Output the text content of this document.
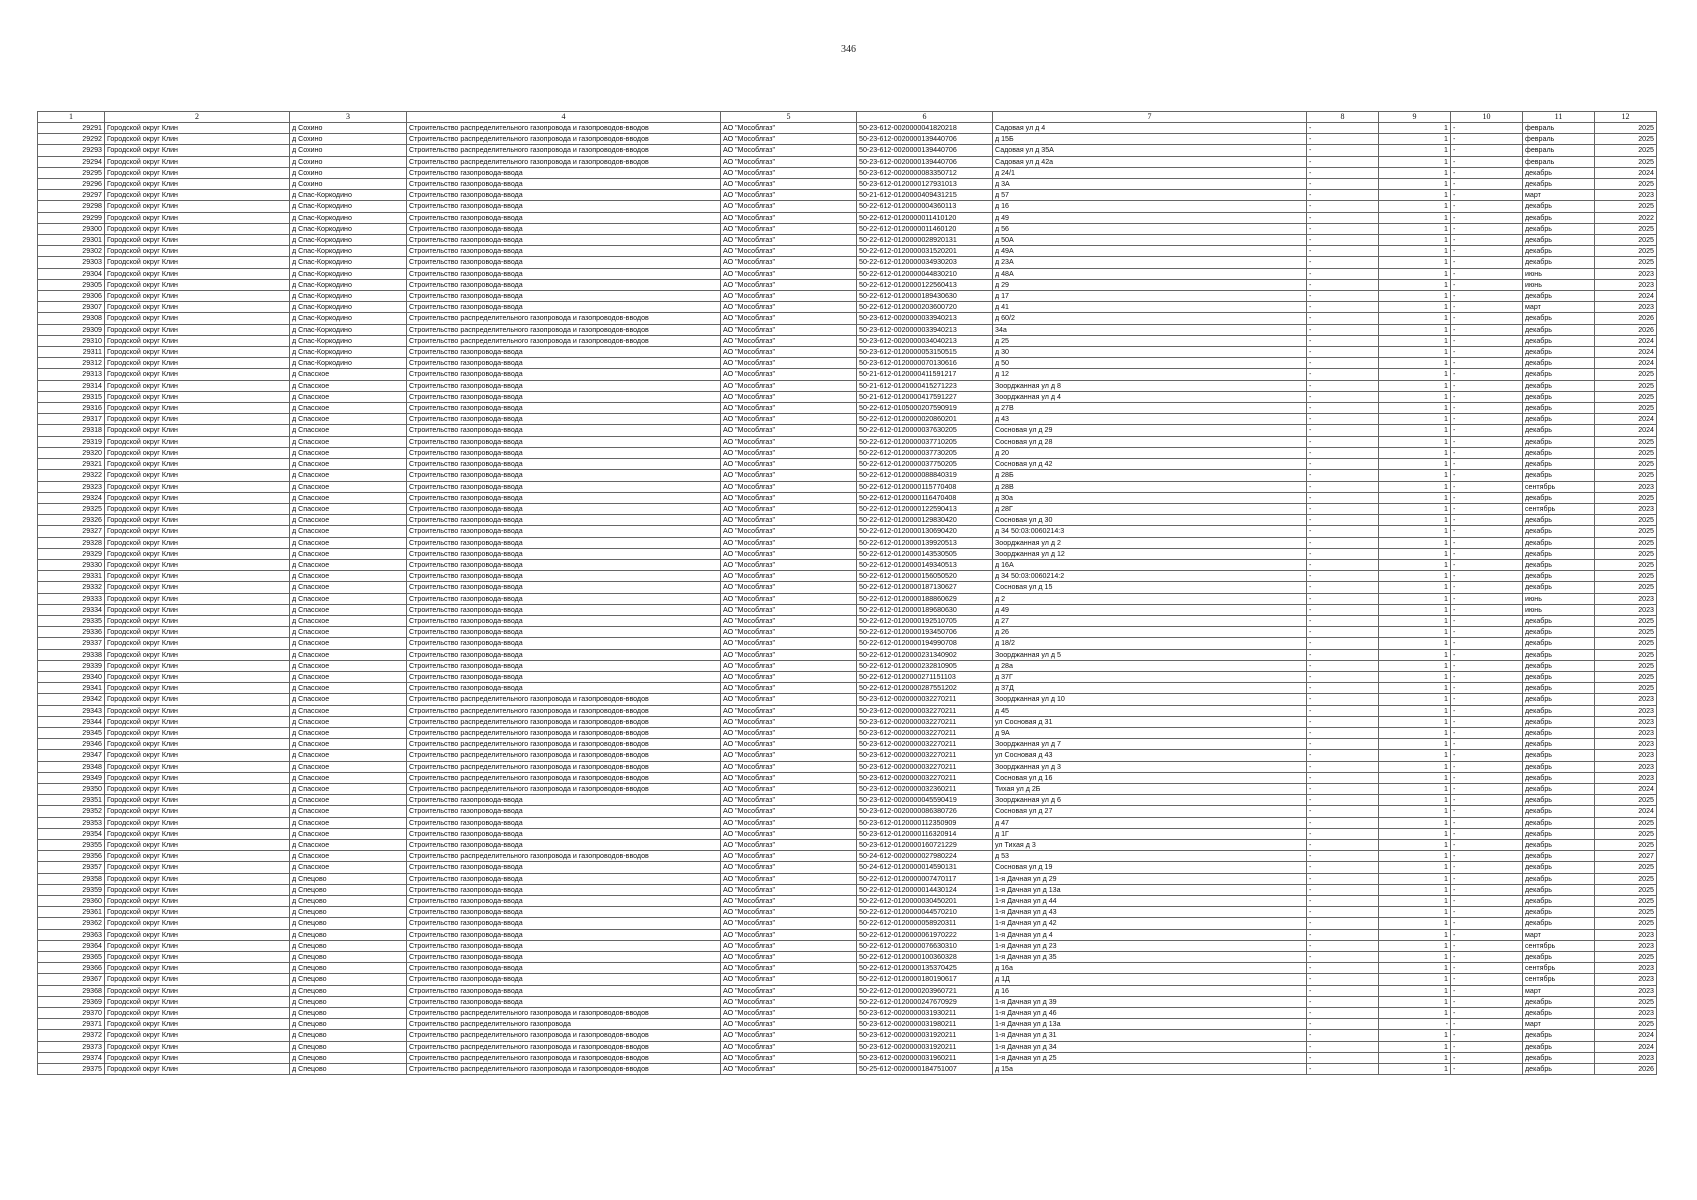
346
1	2	3	4	5	6	7	8	9	10	11	12
29291	Городской округ Клин	д Сохино	Строительство распределительного газопровода и газопроводов-вводов	АО "Мособлгаз"	50-23-612-0020000041820218	Садовая ул д 4	-	1	-	февраль	2025
29292	Городской округ Клин	д Сохино	Строительство распределительного газопровода и газопроводов-вводов	АО "Мособлгаз"	50-23-612-0020000139440706	д 15Б	-	1	-	февраль	2025
29293	Городской округ Клин	д Сохино	Строительство распределительного газопровода и газопроводов-вводов	АО "Мособлгаз"	50-23-612-0020000139440706	Садовая ул д 35А	-	1	-	февраль	2025
29294	Городской округ Клин	д Сохино	Строительство распределительного газопровода и газопроводов-вводов	АО "Мособлгаз"	50-23-612-0020000139440706	Садовая ул д 42а	-	1	-	февраль	2025
29295	Городской округ Клин	д Сохино	Строительство газопровода-ввода	АО "Мособлгаз"	50-23-612-0020000083350712	д 24/1	-	1	-	декабрь	2024
29296	Городской округ Клин	д Сохино	Строительство газопровода-ввода	АО "Мособлгаз"	50-23-612-0120000127931013	д 3А	-	1	-	декабрь	2025
29297	Городской округ Клин	д Спас-Коркодино	Строительство газопровода-ввода	АО "Мособлгаз"	50-21-612-0120000409431215	д 57	-	1	-	март	2023
29298	Городской округ Клин	д Спас-Коркодино	Строительство газопровода-ввода	АО "Мособлгаз"	50-22-612-0120000004360113	д 16	-	1	-	декабрь	2025
29299	Городской округ Клин	д Спас-Коркодино	Строительство газопровода-ввода	АО "Мособлгаз"	50-22-612-0120000011410120	д 49	-	1	-	декабрь	2022
29300	Городской округ Клин	д Спас-Коркодино	Строительство газопровода-ввода	АО "Мособлгаз"	50-22-612-0120000011460120	д 56	-	1	-	декабрь	2025
29301	Городской округ Клин	д Спас-Коркодино	Строительство газопровода-ввода	АО "Мособлгаз"	50-22-612-0120000028920131	д 50А	-	1	-	декабрь	2025
29302	Городской округ Клин	д Спас-Коркодино	Строительство газопровода-ввода	АО "Мособлгаз"	50-22-612-0120000031520201	д 49А	-	1	-	декабрь	2025
29303	Городской округ Клин	д Спас-Коркодино	Строительство газопровода-ввода	АО "Мособлгаз"	50-22-612-0120000034930203	д 23А	-	1	-	декабрь	2025
29304	Городской округ Клин	д Спас-Коркодино	Строительство газопровода-ввода	АО "Мособлгаз"	50-22-612-0120000044830210	д 48А	-	1	-	июнь	2023
29305	Городской округ Клин	д Спас-Коркодино	Строительство газопровода-ввода	АО "Мособлгаз"	50-22-612-0120000122560413	д 29	-	1	-	июнь	2023
29306	Городской округ Клин	д Спас-Коркодино	Строительство газопровода-ввода	АО "Мособлгаз"	50-22-612-0120000189430630	д 17	-	1	-	декабрь	2024
29307	Городской округ Клин	д Спас-Коркодино	Строительство газопровода-ввода	АО "Мособлгаз"	50-22-612-0120000203600720	д 41	-	1	-	март	2023
29308	Городской округ Клин	д Спас-Коркодино	Строительство распределительного газопровода и газопроводов-вводов	АО "Мособлгаз"	50-23-612-0020000033940213	д 60/2	-	1	-	декабрь	2026
29309	Городской округ Клин	д Спас-Коркодино	Строительство распределительного газопровода и газопроводов-вводов	АО "Мособлгаз"	50-23-612-0020000033940213	34а	-	1	-	декабрь	2026
29310	Городской округ Клин	д Спас-Коркодино	Строительство распределительного газопровода и газопроводов-вводов	АО "Мособлгаз"	50-23-612-0020000034040213	д 25	-	1	-	декабрь	2024
29311	Городской округ Клин	д Спас-Коркодино	Строительство газопровода-ввода	АО "Мособлгаз"	50-23-612-0120000053150515	д 30	-	1	-	декабрь	2024
29312	Городской округ Клин	д Спас-Коркодино	Строительство газопровода-ввода	АО "Мособлгаз"	50-23-612-0120000070130616	д 50	-	1	-	декабрь	2024
29313	Городской округ Клин	д Спасское	Строительство газопровода-ввода	АО "Мособлгаз"	50-21-612-0120000411591217	д 12	-	1	-	декабрь	2025
29314	Городской округ Клин	д Спасское	Строительство газопровода-ввода	АО "Мособлгаз"	50-21-612-0120000415271223	Зоорджанная ул д 8	-	1	-	декабрь	2025
29315	Городской округ Клин	д Спасское	Строительство газопровода-ввода	АО "Мособлгаз"	50-21-612-0120000417591227	Зоорджанная ул д 4	-	1	-	декабрь	2025
29316	Городской округ Клин	д Спасское	Строительство газопровода-ввода	АО "Мособлгаз"	50-22-612-0105000207590919	д 27В	-	1	-	декабрь	2025
29317	Городской округ Клин	д Спасское	Строительство газопровода-ввода	АО "Мособлгаз"	50-22-612-0120000020860201	д 43	-	1	-	декабрь	2024
29318	Городской округ Клин	д Спасское	Строительство газопровода-ввода	АО "Мособлгаз"	50-22-612-0120000037630205	Сосновая ул д 29	-	1	-	декабрь	2024
29319	Городской округ Клин	д Спасское	Строительство газопровода-ввода	АО "Мособлгаз"	50-22-612-0120000037710205	Сосновая ул д 28	-	1	-	декабрь	2025
29320	Городской округ Клин	д Спасское	Строительство газопровода-ввода	АО "Мособлгаз"	50-22-612-0120000037730205	д 20	-	1	-	декабрь	2025
29321	Городской округ Клин	д Спасское	Строительство газопровода-ввода	АО "Мособлгаз"	50-22-612-0120000037750205	Сосновая ул д 42	-	1	-	декабрь	2025
29322	Городской округ Клин	д Спасское	Строительство газопровода-ввода	АО "Мособлгаз"	50-22-612-0120000088840319	д 28Б	-	1	-	декабрь	2025
29323	Городской округ Клин	д Спасское	Строительство газопровода-ввода	АО "Мособлгаз"	50-22-612-0120000115770408	д 28В	-	1	-	сентябрь	2023
29324	Городской округ Клин	д Спасское	Строительство газопровода-ввода	АО "Мособлгаз"	50-22-612-0120000116470408	д 30а	-	1	-	декабрь	2025
29325	Городской округ Клин	д Спасское	Строительство газопровода-ввода	АО "Мособлгаз"	50-22-612-0120000122590413	д 28Г	-	1	-	сентябрь	2023
29326	Городской округ Клин	д Спасское	Строительство газопровода-ввода	АО "Мособлгаз"	50-22-612-0120000129830420	Сосновая ул д 30	-	1	-	декабрь	2025
29327	Городской округ Клин	д Спасское	Строительство газопровода-ввода	АО "Мособлгаз"	50-22-612-0120000130690420	д 34 50:03:0060214:3	-	1	-	декабрь	2025
29328	Городской округ Клин	д Спасское	Строительство газопровода-ввода	АО "Мособлгаз"	50-22-612-0120000139920513	Зоорджанная ул д 2	-	1	-	декабрь	2025
29329	Городской округ Клин	д Спасское	Строительство газопровода-ввода	АО "Мособлгаз"	50-22-612-0120000143530505	Зоорджанная ул д 12	-	1	-	декабрь	2025
29330	Городской округ Клин	д Спасское	Строительство газопровода-ввода	АО "Мособлгаз"	50-22-612-0120000149340513	д 16А	-	1	-	декабрь	2025
29331	Городской округ Клин	д Спасское	Строительство газопровода-ввода	АО "Мособлгаз"	50-22-612-0120000156050520	д 34 50:03:0060214:2	-	1	-	декабрь	2025
29332	Городской округ Клин	д Спасское	Строительство газопровода-ввода	АО "Мособлгаз"	50-22-612-0120000187130627	Сосновая ул д 15	-	1	-	декабрь	2025
29333	Городской округ Клин	д Спасское	Строительство газопровода-ввода	АО "Мособлгаз"	50-22-612-0120000188860629	д 2	-	1	-	июнь	2023
29334	Городской округ Клин	д Спасское	Строительство газопровода-ввода	АО "Мособлгаз"	50-22-612-0120000189680630	д 49	-	1	-	июнь	2023
29335	Городской округ Клин	д Спасское	Строительство газопровода-ввода	АО "Мособлгаз"	50-22-612-0120000192510705	д 27	-	1	-	декабрь	2025
29336	Городской округ Клин	д Спасское	Строительство газопровода-ввода	АО "Мособлгаз"	50-22-612-0120000193450706	д 26	-	1	-	декабрь	2025
29337	Городской округ Клин	д Спасское	Строительство газопровода-ввода	АО "Мособлгаз"	50-22-612-0120000194990708	д 18/2	-	1	-	декабрь	2025
29338	Городской округ Клин	д Спасское	Строительство газопровода-ввода	АО "Мособлгаз"	50-22-612-0120000231340902	Зоорджанная ул д 5	-	1	-	декабрь	2025
29339	Городской округ Клин	д Спасское	Строительство газопровода-ввода	АО "Мособлгаз"	50-22-612-0120000232810905	д 28а	-	1	-	декабрь	2025
29340	Городской округ Клин	д Спасское	Строительство газопровода-ввода	АО "Мособлгаз"	50-22-612-0120000271151103	д 37Г	-	1	-	декабрь	2025
29341	Городской округ Клин	д Спасское	Строительство газопровода-ввода	АО "Мособлгаз"	50-22-612-0120000287551202	д 37Д	-	1	-	декабрь	2025
29342	Городской округ Клин	д Спасское	Строительство распределительного газопровода и газопроводов-вводов	АО "Мособлгаз"	50-23-612-0020000032270211	Зоорджанная ул д 10	-	1	-	декабрь	2023
29343	Городской округ Клин	д Спасское	Строительство распределительного газопровода и газопроводов-вводов	АО "Мособлгаз"	50-23-612-0020000032270211	д 45	-	1	-	декабрь	2023
29344	Городской округ Клин	д Спасское	Строительство распределительного газопровода и газопроводов-вводов	АО "Мособлгаз"	50-23-612-0020000032270211	ул Сосновая д 31	-	1	-	декабрь	2023
29345	Городской округ Клин	д Спасское	Строительство распределительного газопровода и газопроводов-вводов	АО "Мособлгаз"	50-23-612-0020000032270211	д 9А	-	1	-	декабрь	2023
29346	Городской округ Клин	д Спасское	Строительство распределительного газопровода и газопроводов-вводов	АО "Мособлгаз"	50-23-612-0020000032270211	Зоорджанная ул д 7	-	1	-	декабрь	2023
29347	Городской округ Клин	д Спасское	Строительство распределительного газопровода и газопроводов-вводов	АО "Мособлгаз"	50-23-612-0020000032270211	ул Сосновая д 43	-	1	-	декабрь	2023
29348	Городской округ Клин	д Спасское	Строительство распределительного газопровода и газопроводов-вводов	АО "Мособлгаз"	50-23-612-0020000032270211	Зоорджанная ул д 3	-	1	-	декабрь	2023
29349	Городской округ Клин	д Спасское	Строительство распределительного газопровода и газопроводов-вводов	АО "Мособлгаз"	50-23-612-0020000032270211	Сосновая ул д 16	-	1	-	декабрь	2023
29350	Городской округ Клин	д Спасское	Строительство распределительного газопровода и газопроводов-вводов	АО "Мособлгаз"	50-23-612-0020000032360211	Тихая ул д 2Б	-	1	-	декабрь	2024
29351	Городской округ Клин	д Спасское	Строительство газопровода-ввода	АО "Мособлгаз"	50-23-612-0020000045590419	Зоорджанная ул д 6	-	1	-	декабрь	2025
29352	Городской округ Клин	д Спасское	Строительство газопровода-ввода	АО "Мособлгаз"	50-23-612-0020000086380726	Сосновая ул д 27	-	1	-	декабрь	2024
29353	Городской округ Клин	д Спасское	Строительство газопровода-ввода	АО "Мособлгаз"	50-23-612-0120000112350909	д 47	-	1	-	декабрь	2025
29354	Городской округ Клин	д Спасское	Строительство газопровода-ввода	АО "Мособлгаз"	50-23-612-0120000116320914	д 1Г	-	1	-	декабрь	2025
29355	Городской округ Клин	д Спасское	Строительство газопровода-ввода	АО "Мособлгаз"	50-23-612-0120000160721229	ул Тихая д 3	-	1	-	декабрь	2025
29356	Городской округ Клин	д Спасское	Строительство распределительного газопровода и газопроводов-вводов	АО "Мособлгаз"	50-24-612-0020000027980224	д 53	-	1	-	декабрь	2027
29357	Городской округ Клин	д Спасское	Строительство газопровода-ввода	АО "Мособлгаз"	50-24-612-0120000014590131	Сосновая ул д 19	-	1	-	декабрь	2025
29358	Городской округ Клин	д Спецово	Строительство газопровода-ввода	АО "Мособлгаз"	50-22-612-0120000007470117	1-я Дачная ул д 29	-	1	-	декабрь	2025
29359	Городской округ Клин	д Спецово	Строительство газопровода-ввода	АО "Мособлгаз"	50-22-612-0120000014430124	1-я Дачная ул д 13а	-	1	-	декабрь	2025
29360	Городской округ Клин	д Спецово	Строительство газопровода-ввода	АО "Мособлгаз"	50-22-612-0120000030450201	1-я Дачная ул д 44	-	1	-	декабрь	2025
29361	Городской округ Клин	д Спецово	Строительство газопровода-ввода	АО "Мособлгаз"	50-22-612-0120000044570210	1-я Дачная ул д 43	-	1	-	декабрь	2025
29362	Городской округ Клин	д Спецово	Строительство газопровода-ввода	АО "Мособлгаз"	50-22-612-0120000058920311	1-я Дачная ул д 42	-	1	-	декабрь	2025
29363	Городской округ Клин	д Спецово	Строительство газопровода-ввода	АО "Мособлгаз"	50-22-612-0120000061970222	1-я Дачная ул д 4	-	1	-	март	2023
29364	Городской округ Клин	д Спецово	Строительство газопровода-ввода	АО "Мособлгаз"	50-22-612-0120000076630310	1-я Дачная ул д 23	-	1	-	сентябрь	2023
29365	Городской округ Клин	д Спецово	Строительство газопровода-ввода	АО "Мособлгаз"	50-22-612-0120000100360328	1-я Дачная ул д 35	-	1	-	декабрь	2025
29366	Городской округ Клин	д Спецово	Строительство газопровода-ввода	АО "Мособлгаз"	50-22-612-0120000135370425	д 16а	-	1	-	сентябрь	2023
29367	Городской округ Клин	д Спецово	Строительство газопровода-ввода	АО "Мособлгаз"	50-22-612-0120000180190617	д 1Д	-	1	-	сентябрь	2023
29368	Городской округ Клин	д Спецово	Строительство газопровода-ввода	АО "Мособлгаз"	50-22-612-0120000203960721	д 16	-	1	-	март	2023
29369	Городской округ Клин	д Спецово	Строительство газопровода-ввода	АО "Мособлгаз"	50-22-612-0120000247670929	1-я Дачная ул д 39	-	1	-	декабрь	2025
29370	Городской округ Клин	д Спецово	Строительство распределительного газопровода и газопроводов-вводов	АО "Мособлгаз"	50-23-612-0020000031930211	1-я Дачная ул д 46	-	1	-	декабрь	2023
29371	Городской округ Клин	д Спецово	Строительство распределительного газопровода	АО "Мособлгаз"	50-23-612-0020000031980211	1-я Дачная ул д 13а	-	-	-	март	2025
29372	Городской округ Клин	д Спецово	Строительство распределительного газопровода и газопроводов-вводов	АО "Мособлгаз"	50-23-612-0020000031920211	1-я Дачная ул д 31	-	1	-	декабрь	2024
29373	Городской округ Клин	д Спецово	Строительство распределительного газопровода и газопроводов-вводов	АО "Мособлгаз"	50-23-612-0020000031920211	1-я Дачная ул д 34	-	1	-	декабрь	2024
29374	Городской округ Клин	д Спецово	Строительство распределительного газопровода и газопроводов-вводов	АО "Мособлгаз"	50-23-612-0020000031960211	1-я Дачная ул д 25	-	1	-	декабрь	2023
29375	Городской округ Клин	д Спецово	Строительство распределительного газопровода и газопроводов-вводов	АО "Мособлгаз"	50-25-612-0020000184751007	д 15а	-	1	-	декабрь	2026
